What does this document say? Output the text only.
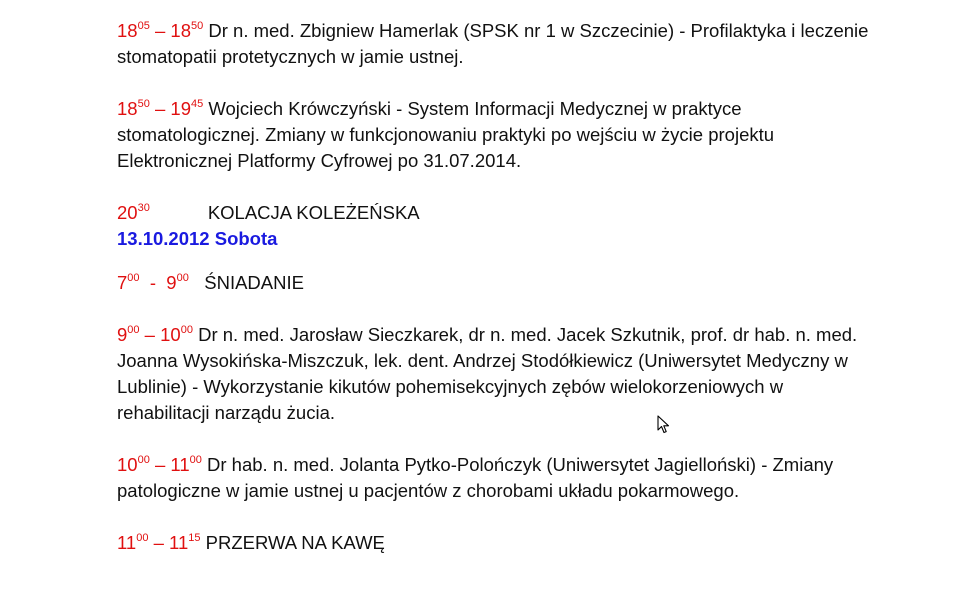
$18^{05} - 18^{50}$ Dr n. med. Zbigniew Hamerlak (SPSK nr 1 w Szczecinie) - Profilaktyka i leczenie stomatopatii protetycznych w jamie ustnej.

$18^{50} - 19^{45}$ Wojciech Krówczyński - System Informacji Medycznej w praktyce stomatologicznej. Zmiany w funkcjonowaniu praktyki po wejściu w życie projektu Elektronicznej Platformy Cyfrowej po 31.07.2014.

$20^{30}$	KOLACJA KOLEŻEŃSKA

13.10.2012 Sobota

$7^{00} - 9^{00}$   ŚNIADANIE

$9^{00} - 10^{00}$ Dr n. med. Jarosław Sieczkarek, dr n. med. Jacek Szkutnik, prof. dr hab. n. med. Joanna Wysokińska-Miszczuk, lek. dent. Andrzej Stodółkiewicz (Uniwersytet Medyczny w Lublinie) - Wykorzystanie kikutów pohemisekcyjnych zębów wielokorzeniowych w rehabilitacji narządu żucia.

$10^{00} - 11^{00}$ Dr hab. n. med. Jolanta Pytko-Polończyk (Uniwersytet Jagielloński) - Zmiany patologiczne w jamie ustnej u pacjentów z chorobami układu pokarmowego.

$11^{00} - 11^{15}$ PRZERWA NA KAWĘ
